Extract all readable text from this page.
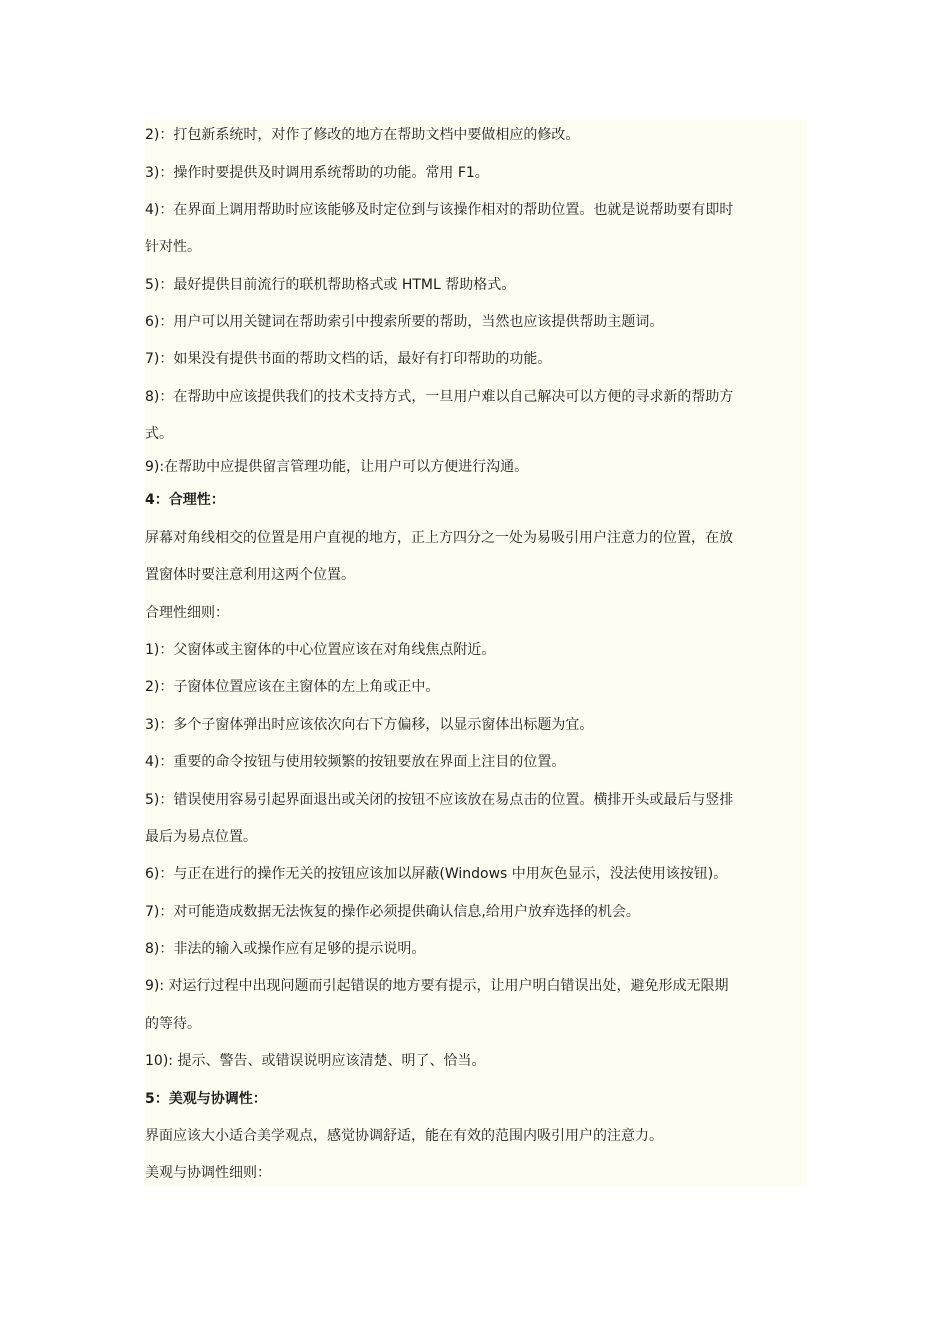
2)：打包新系统时，对作了修改的地方在帮助文档中要做相应的修改。

3)：操作时要提供及时调用系统帮助的功能。常用 F1。

4)：在界面上调用帮助时应该能够及时定位到与该操作相对的帮助位置。也就是说帮助要有即时

针对性。

5)：最好提供目前流行的联机帮助格式或 HTML 帮助格式。

6)：用户可以用关键词在帮助索引中搜索所要的帮助，当然也应该提供帮助主题词。

7)：如果没有提供书面的帮助文档的话，最好有打印帮助的功能。

8)：在帮助中应该提供我们的技术支持方式，一旦用户难以自己解决可以方便的寻求新的帮助方

式。

9):在帮助中应提供留言管理功能，让用户可以方便进行沟通。

4：合理性：

屏幕对角线相交的位置是用户直视的地方，正上方四分之一处为易吸引用户注意力的位置，在放

置窗体时要注意利用这两个位置。

合理性细则：

1)：父窗体或主窗体的中心位置应该在对角线焦点附近。

2)：子窗体位置应该在主窗体的左上角或正中。

3)：多个子窗体弹出时应该依次向右下方偏移，以显示窗体出标题为宜。

4)：重要的命令按钮与使用较频繁的按钮要放在界面上注目的位置。

5)：错误使用容易引起界面退出或关闭的按钮不应该放在易点击的位置。横排开头或最后与竖排

最后为易点位置。

6)：与正在进行的操作无关的按钮应该加以屏蔽(Windows 中用灰色显示，没法使用该按钮)。

7)：对可能造成数据无法恢复的操作必须提供确认信息,给用户放弃选择的机会。

8)：非法的输入或操作应有足够的提示说明。

9): 对运行过程中出现问题而引起错误的地方要有提示，让用户明白错误出处，避免形成无限期

的等待。

10): 提示、警告、或错误说明应该清楚、明了、恰当。

5：美观与协调性：

界面应该大小适合美学观点，感觉协调舒适，能在有效的范围内吸引用户的注意力。

美观与协调性细则：
